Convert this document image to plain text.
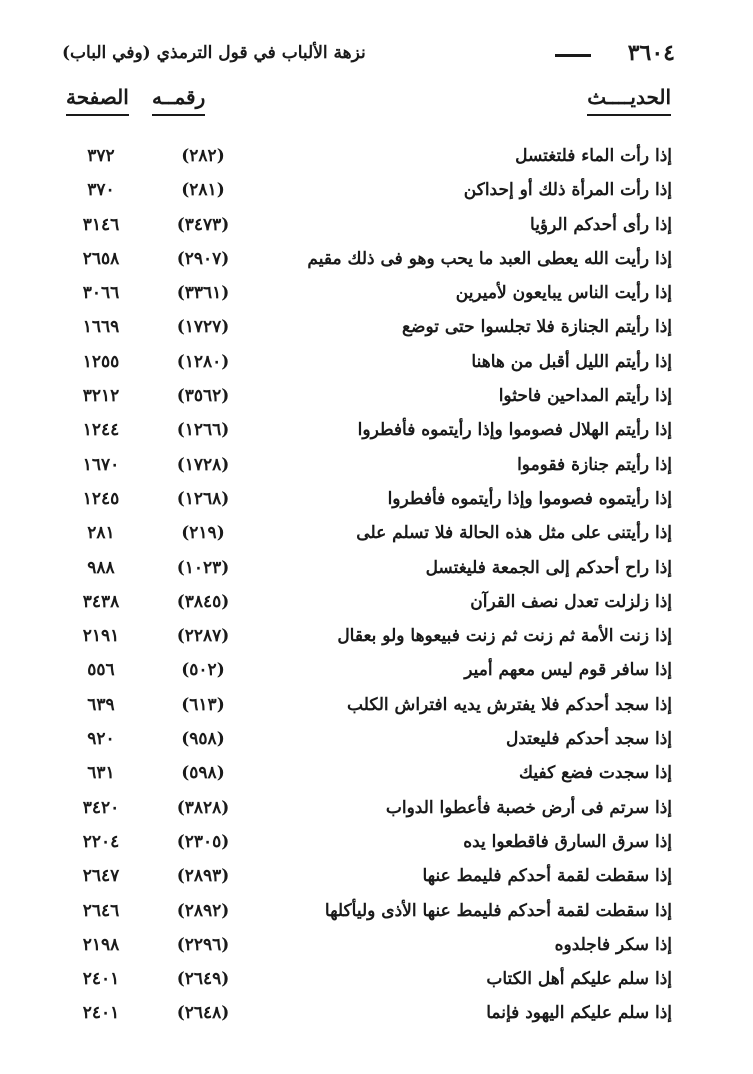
٣٦٠٤
نزهة الألباب في قول الترمذي (وفي الباب)
الحديــــث
رقمــه
الصفحة
إذا رأت الماء فلتغتسل
(٢٨٢)
٣٧٢
إذا رأت المرأة ذلك أو إحداكن
(٢٨١)
٣٧٠
إذا رأى أحدكم الرؤيا
(٣٤٧٣)
٣١٤٦
إذا رأيت الله يعطى العبد ما يحب وهو فى ذلك مقيم
(٢٩٠٧)
٢٦٥٨
إذا رأيت الناس يبايعون لأميرين
(٣٣٦١)
٣٠٦٦
إذا رأيتم الجنازة فلا تجلسوا حتى توضع
(١٧٢٧)
١٦٦٩
إذا رأيتم الليل أقبل من هاهنا
(١٢٨٠)
١٢٥٥
إذا رأيتم المداحين فاحثوا
(٣٥٦٢)
٣٢١٢
إذا رأيتم الهلال فصوموا وإذا رأيتموه فأفطروا
(١٢٦٦)
١٢٤٤
إذا رأيتم جنازة فقوموا
(١٧٢٨)
١٦٧٠
إذا رأيتموه فصوموا وإذا رأيتموه فأفطروا
(١٢٦٨)
١٢٤٥
إذا رأيتنى على مثل هذه الحالة فلا تسلم على
(٢١٩)
٢٨١
إذا راح أحدكم إلى الجمعة فليغتسل
(١٠٢٣)
٩٨٨
إذا زلزلت تعدل نصف القرآن
(٣٨٤٥)
٣٤٣٨
إذا زنت الأمة ثم زنت ثم زنت فبيعوها ولو بعقال
(٢٢٨٧)
٢١٩١
إذا سافر قوم ليس معهم أمير
(٥٠٢)
٥٥٦
إذا سجد أحدكم فلا يفترش يديه افتراش الكلب
(٦١٣)
٦٣٩
إذا سجد أحدكم فليعتدل
(٩٥٨)
٩٢٠
إذا سجدت فضع كفيك
(٥٩٨)
٦٣١
إذا سرتم فى أرض خصبة فأعطوا الدواب
(٣٨٢٨)
٣٤٢٠
إذا سرق السارق فاقطعوا يده
(٢٣٠٥)
٢٢٠٤
إذا سقطت لقمة أحدكم فليمط عنها
(٢٨٩٣)
٢٦٤٧
إذا سقطت لقمة أحدكم فليمط عنها الأذى وليأكلها
(٢٨٩٢)
٢٦٤٦
إذا سكر فاجلدوه
(٢٢٩٦)
٢١٩٨
إذا سلم عليكم أهل الكتاب
(٢٦٤٩)
٢٤٠١
إذا سلم عليكم اليهود فإنما
(٢٦٤٨)
٢٤٠١
